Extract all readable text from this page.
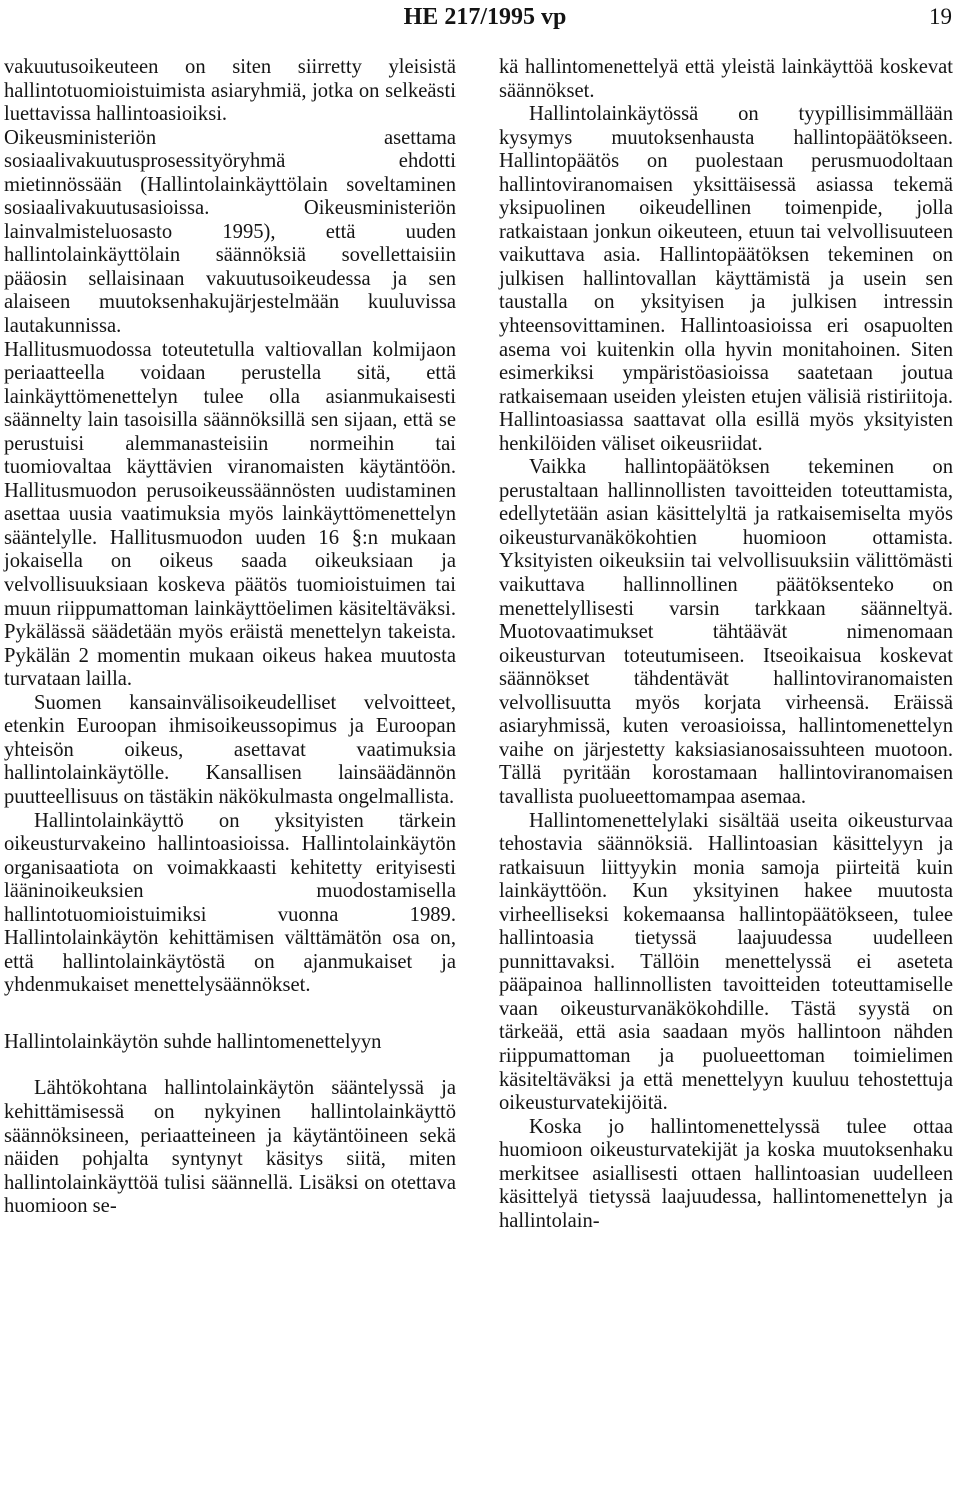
HE 217/1995 vp	19

vakuutusoikeuteen on siten siirretty yleisistä hallintotuomioistuimista asiaryhmiä, jotka on selkeästi luettavissa hallintoasioiksi.

Oikeusministeriön asettama sosiaalivakuutusprosessityöryhmä ehdotti mietinnössään (Hallintolainkäyttölain soveltaminen sosiaalivakuutusasioissa. Oikeusministeriön lainvalmisteluosasto 1995), että uuden hallintolainkäyttölain säännöksiä sovellettaisiin pääosin sellaisinaan vakuutusoikeudessa ja sen alaiseen muutoksenhakujärjestelmään kuuluvissa lautakunnissa.

Hallitusmuodossa toteutetulla valtiovallan kolmijaon periaatteella voidaan perustella sitä, että lainkäyttömenettelyn tulee olla asianmukaisesti säännelty lain tasoisilla säännöksillä sen sijaan, että se perustuisi alemmanasteisiin normeihin tai tuomiovaltaa käyttävien viranomaisten käytäntöön. Hallitusmuodon perusoikeussäännösten uudistaminen asettaa uusia vaatimuksia myös lainkäyttömenettelyn sääntelylle. Hallitusmuodon uuden 16 §:n mukaan jokaisella on oikeus saada oikeuksiaan ja velvollisuuksiaan koskeva päätös tuomioistuimen tai muun riippumattoman lainkäyttöelimen käsiteltäväksi. Pykälässä säädetään myös eräistä menettelyn takeista. Pykälän 2 momentin mukaan oikeus hakea muutosta turvataan lailla.

Suomen kansainvälisoikeudelliset velvoitteet, etenkin Euroopan ihmisoikeussopimus ja Euroopan yhteisön oikeus, asettavat vaatimuksia hallintolainkäytölle. Kansallisen lainsäädännön puutteellisuus on tästäkin näkökulmasta ongelmallista.

Hallintolainkäyttö on yksityisten tärkein oikeusturvakeino hallintoasioissa. Hallintolainkäytön organisaatiota on voimakkaasti kehitetty erityisesti lääninoikeuksien muodostamisella hallintotuomioistuimiksi vuonna 1989. Hallintolainkäytön kehittämisen välttämätön osa on, että hallintolainkäytöstä on ajanmukaiset ja yhdenmukaiset menettelysäännökset.

Hallintolainkäytön suhde hallintomenettelyyn

Lähtökohtana hallintolainkäytön sääntelyssä ja kehittämisessä on nykyinen hallintolainkäyttö säännöksineen, periaatteineen ja käytäntöineen sekä näiden pohjalta syntynyt käsitys siitä, miten hallintolainkäyttöä tulisi säännellä. Lisäksi on otettava huomioon se-

kä hallintomenettelyä että yleistä lainkäyttöä koskevat säännökset.

Hallintolainkäytössä on tyypillisimmällään kysymys muutoksenhausta hallintopäätökseen. Hallintopäätös on puolestaan perusmuodoltaan hallintoviranomaisen yksittäisessä asiassa tekemä yksipuolinen oikeudellinen toimenpide, jolla ratkaistaan jonkun oikeuteen, etuun tai velvollisuuteen vaikuttava asia. Hallintopäätöksen tekeminen on julkisen hallintovallan käyttämistä ja usein sen taustalla on yksityisen ja julkisen intressin yhteensovittaminen. Hallintoasioissa eri osapuolten asema voi kuitenkin olla hyvin monitahoinen. Siten esimerkiksi ympäristöasioissa saatetaan joutua ratkaisemaan useiden yleisten etujen välisiä ristiriitoja. Hallintoasiassa saattavat olla esillä myös yksityisten henkilöiden väliset oikeusriidat.

Vaikka hallintopäätöksen tekeminen on perustaltaan hallinnollisten tavoitteiden toteuttamista, edellytetään asian käsittelyltä ja ratkaisemiselta myös oikeusturvanäkökohtien huomioon ottamista. Yksityisten oikeuksiin tai velvollisuuksiin välittömästi vaikuttava hallinnollinen päätöksenteko on menettelyllisesti varsin tarkkaan säänneltyä. Muotovaatimukset tähtäävät nimenomaan oikeusturvan toteutumiseen. Itseoikaisua koskevat säännökset tähdentävät hallintoviranomaisten velvollisuutta myös korjata virheensä. Eräissä asiaryhmissä, kuten veroasioissa, hallintomenettelyn vaihe on järjestetty kaksiasianosaissuhteen muotoon. Tällä pyritään korostamaan hallintoviranomaisen tavallista puolueettomampaa asemaa.

Hallintomenettelylaki sisältää useita oikeusturvaa tehostavia säännöksiä. Hallintoasian käsittelyyn ja ratkaisuun liittyykin monia samoja piirteitä kuin lainkäyttöön. Kun yksityinen hakee muutosta virheelliseksi kokemaansa hallintopäätökseen, tulee hallintoasia tietyssä laajuudessa uudelleen punnittavaksi. Tällöin menettelyssä ei aseteta pääpainoa hallinnollisten tavoitteiden toteuttamiselle vaan oikeusturvanäkökohdille. Tästä syystä on tärkeää, että asia saadaan myös hallintoon nähden riippumattoman ja puolueettoman toimielimen käsiteltäväksi ja että menettelyyn kuuluu tehostettuja oikeusturvatekijöitä.

Koska jo hallintomenettelyssä tulee ottaa huomioon oikeusturvatekijät ja koska muutoksenhaku merkitsee asiallisesti ottaen hallintoasian uudelleen käsittelyä tietyssä laajuudessa, hallintomenettelyn ja hallintolain-
